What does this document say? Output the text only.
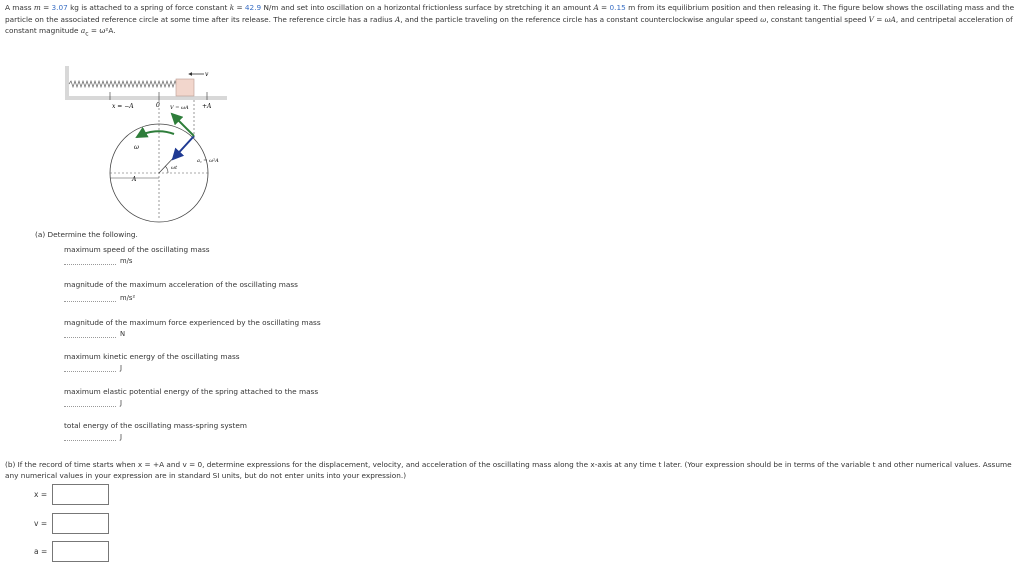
A mass m = 3.07 kg is attached to a spring of force constant k = 42.9 N/m and set into oscillation on a horizontal frictionless surface by stretching it an amount A = 0.15 m from its equilibrium position and then releasing it. The figure below shows the oscillating mass and the particle on the associated reference circle at some time after its release. The reference circle has a radius A, and the particle traveling on the reference circle has a constant counterclockwise angular speed ω, constant tangential speed V = ωA, and centripetal acceleration of constant magnitude $a_c = \omega^2A$.
v
x = −A	0	+A
V = ωA
A
a꜀ = ω²A
ω
ωt
(a) Determine the following.
maximum speed of the oscillating mass
m/s
magnitude of the maximum acceleration of the oscillating mass
m/s²
magnitude of the maximum force experienced by the oscillating mass
N
maximum kinetic energy of the oscillating mass
J
maximum elastic potential energy of the spring attached to the mass
J
total energy of the oscillating mass-spring system
J
(b) If the record of time starts when x = +A and v = 0, determine expressions for the displacement, velocity, and acceleration of the oscillating mass along the x-axis at any time t later. (Your expression should be in terms of the variable t and other numerical values. Assume any numerical values in your expression are in standard SI units, but do not enter units into your expression.)
x =
v =
a =
